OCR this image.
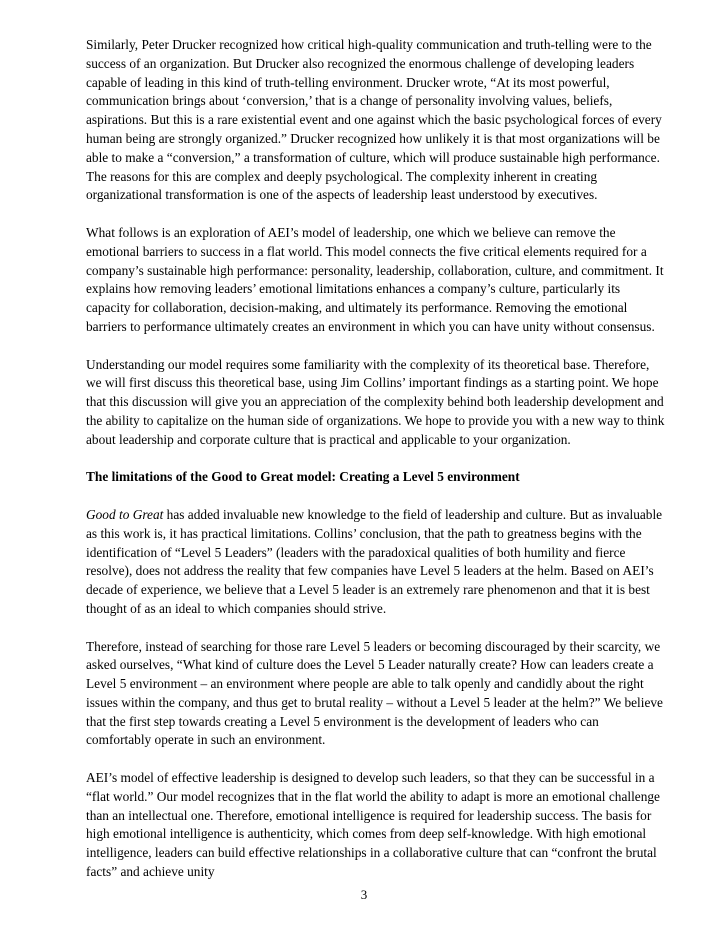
Similarly, Peter Drucker recognized how critical high-quality communication and truth-telling were to the success of an organization. But Drucker also recognized the enormous challenge of developing leaders capable of leading in this kind of truth-telling environment. Drucker wrote, “At its most powerful, communication brings about ‘conversion,’ that is a change of personality involving values, beliefs, aspirations. But this is a rare existential event and one against which the basic psychological forces of every human being are strongly organized.” Drucker recognized how unlikely it is that most organizations will be able to make a “conversion,” a transformation of culture, which will produce sustainable high performance. The reasons for this are complex and deeply psychological. The complexity inherent in creating organizational transformation is one of the aspects of leadership least understood by executives.

What follows is an exploration of AEI’s model of leadership, one which we believe can remove the emotional barriers to success in a flat world. This model connects the five critical elements required for a company’s sustainable high performance: personality, leadership, collaboration, culture, and commitment. It explains how removing leaders’ emotional limitations enhances a company’s culture, particularly its capacity for collaboration, decision-making, and ultimately its performance. Removing the emotional barriers to performance ultimately creates an environment in which you can have unity without consensus.

Understanding our model requires some familiarity with the complexity of its theoretical base. Therefore, we will first discuss this theoretical base, using Jim Collins’ important findings as a starting point. We hope that this discussion will give you an appreciation of the complexity behind both leadership development and the ability to capitalize on the human side of organizations. We hope to provide you with a new way to think about leadership and corporate culture that is practical and applicable to your organization.

The limitations of the Good to Great model: Creating a Level 5 environment

Good to Great has added invaluable new knowledge to the field of leadership and culture. But as invaluable as this work is, it has practical limitations. Collins’ conclusion, that the path to greatness begins with the identification of “Level 5 Leaders” (leaders with the paradoxical qualities of both humility and fierce resolve), does not address the reality that few companies have Level 5 leaders at the helm. Based on AEI’s decade of experience, we believe that a Level 5 leader is an extremely rare phenomenon and that it is best thought of as an ideal to which companies should strive.

Therefore, instead of searching for those rare Level 5 leaders or becoming discouraged by their scarcity, we asked ourselves, “What kind of culture does the Level 5 Leader naturally create? How can leaders create a Level 5 environment – an environment where people are able to talk openly and candidly about the right issues within the company, and thus get to brutal reality – without a Level 5 leader at the helm?” We believe that the first step towards creating a Level 5 environment is the development of leaders who can comfortably operate in such an environment.

AEI’s model of effective leadership is designed to develop such leaders, so that they can be successful in a “flat world.” Our model recognizes that in the flat world the ability to adapt is more an emotional challenge than an intellectual one. Therefore, emotional intelligence is required for leadership success. The basis for high emotional intelligence is authenticity, which comes from deep self-knowledge. With high emotional intelligence, leaders can build effective relationships in a collaborative culture that can “confront the brutal facts” and achieve unity

3
